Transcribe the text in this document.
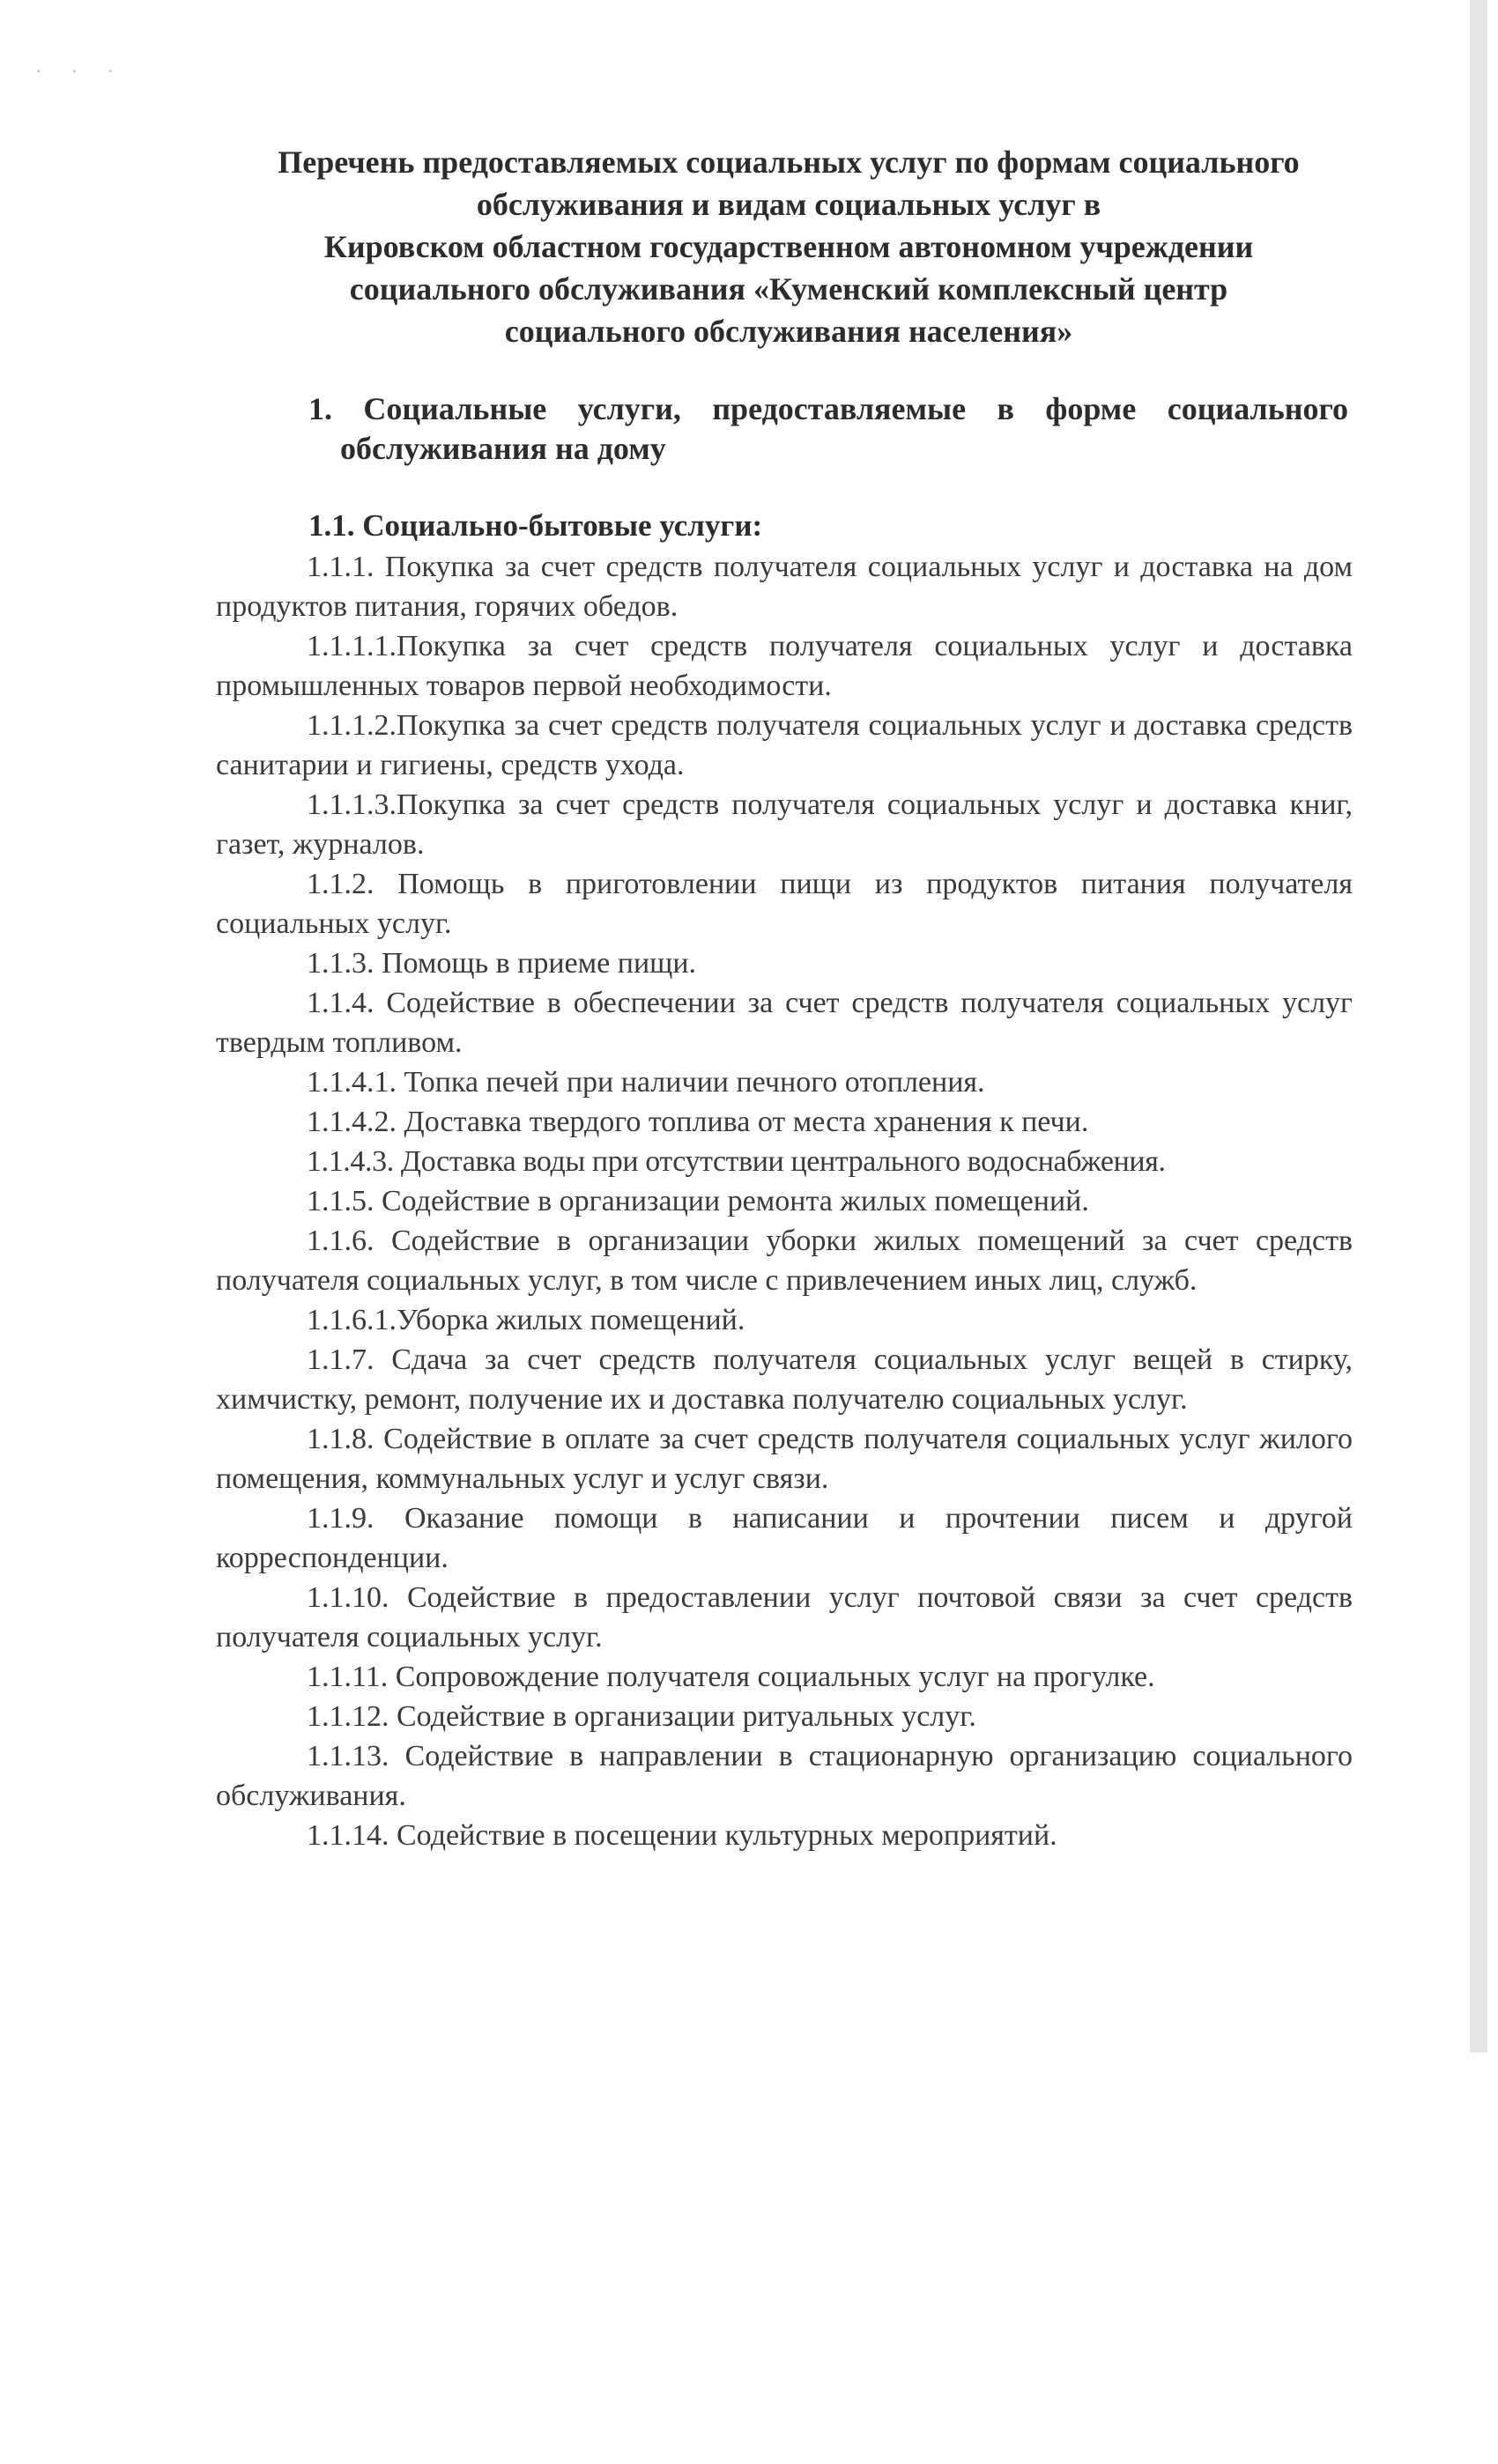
· · ·
Перечень предоставляемых социальных услуг по формам социального
обслуживания и видам социальных услуг в
Кировском областном государственном автономном учреждении
социального обслуживания «Куменский комплексный центр
социального обслуживания населения»
1. Социальные услуги, предоставляемые в форме социального
обслуживания на дому
1.1. Социально-бытовые услуги:

1.1.1. Покупка за счет средств получателя социальных услуг и доставка на дом продуктов питания, горячих обедов.

1.1.1.1.Покупка за счет средств получателя социальных услуг и доставка промышленных товаров первой необходимости.

1.1.1.2.Покупка за счет средств получателя социальных услуг и доставка средств санитарии и гигиены, средств ухода.

1.1.1.3.Покупка за счет средств получателя социальных услуг и доставка книг, газет, журналов.

1.1.2. Помощь в приготовлении пищи из продуктов питания получателя социальных услуг.

1.1.3. Помощь в приеме пищи.

1.1.4. Содействие в обеспечении за счет средств получателя социальных услуг твердым топливом.

1.1.4.1. Топка печей при наличии печного отопления.

1.1.4.2. Доставка твердого топлива от места хранения к печи.

1.1.4.3. Доставка воды при отсутствии центрального водоснабжения.

1.1.5. Содействие в организации ремонта жилых помещений.

1.1.6. Содействие в организации уборки жилых помещений за счет средств получателя социальных услуг, в том числе с привлечением иных лиц, служб.

1.1.6.1.Уборка жилых помещений.

1.1.7. Сдача за счет средств получателя социальных услуг вещей в стирку, химчистку, ремонт, получение их и доставка получателю социальных услуг.

1.1.8. Содействие в оплате за счет средств получателя социальных услуг жилого помещения, коммунальных услуг и услуг связи.

1.1.9. Оказание помощи в написании и прочтении писем и другой корреспонденции.

1.1.10. Содействие в предоставлении услуг почтовой связи за счет средств получателя социальных услуг.

1.1.11. Сопровождение получателя социальных услуг на прогулке.

1.1.12. Содействие в организации ритуальных услуг.

1.1.13. Содействие в направлении в стационарную организацию социального обслуживания.

1.1.14. Содействие в посещении культурных мероприятий.
